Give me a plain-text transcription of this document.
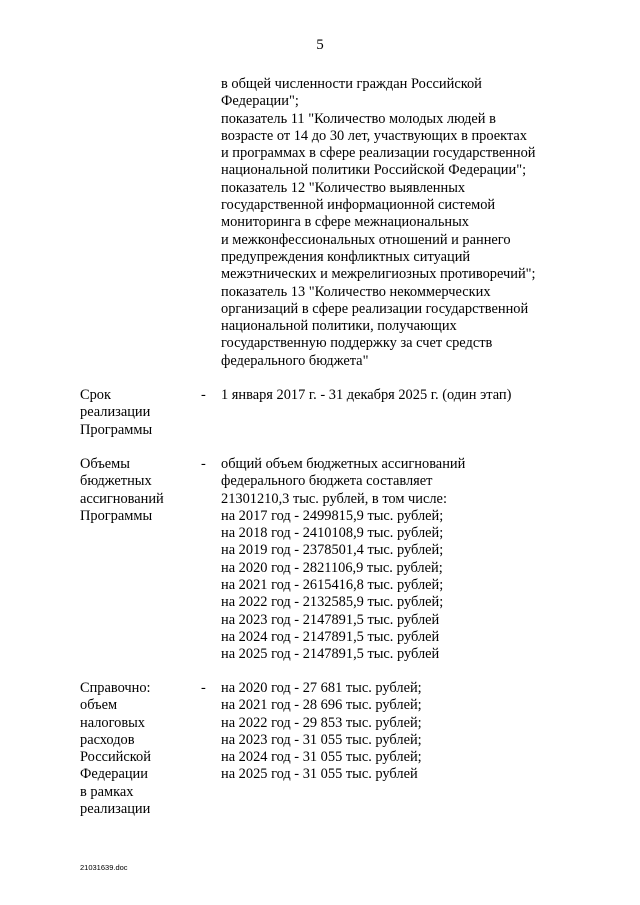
5
в общей численности граждан Российской
Федерации";
показатель 11 "Количество молодых людей в
возрасте от 14 до 30 лет, участвующих в проектах
и программах в сфере реализации государственной
национальной политики Российской Федерации";
показатель 12 "Количество выявленных
государственной информационной системой
мониторинга в сфере межнациональных
и межконфессиональных отношений и раннего
предупреждения конфликтных ситуаций
межэтнических и межрелигиозных противоречий";
показатель 13 "Количество некоммерческих
организаций в сфере реализации государственной
национальной политики, получающих
государственную поддержку за счет средств
федерального бюджета"
Срок
реализации
Программы
- 1 января 2017 г. - 31 декабря 2025 г. (один этап)
Объемы
бюджетных
ассигнований
Программы
- общий объем бюджетных ассигнований
федерального бюджета составляет
21301210,3 тыс. рублей, в том числе:
на 2017 год - 2499815,9 тыс. рублей;
на 2018 год - 2410108,9 тыс. рублей;
на 2019 год - 2378501,4 тыс. рублей;
на 2020 год - 2821106,9 тыс. рублей;
на 2021 год - 2615416,8 тыс. рублей;
на 2022 год - 2132585,9 тыс. рублей;
на 2023 год - 2147891,5 тыс. рублей
на 2024 год - 2147891,5 тыс. рублей
на 2025 год - 2147891,5 тыс. рублей
Справочно:
объем
налоговых
расходов
Российской
Федерации
в рамках
реализации
- на 2020 год - 27 681 тыс. рублей;
на 2021 год - 28 696 тыс. рублей;
на 2022 год - 29 853 тыс. рублей;
на 2023 год - 31 055 тыс. рублей;
на 2024 год - 31 055 тыс. рублей;
на 2025 год - 31 055 тыс. рублей
21031639.doc
